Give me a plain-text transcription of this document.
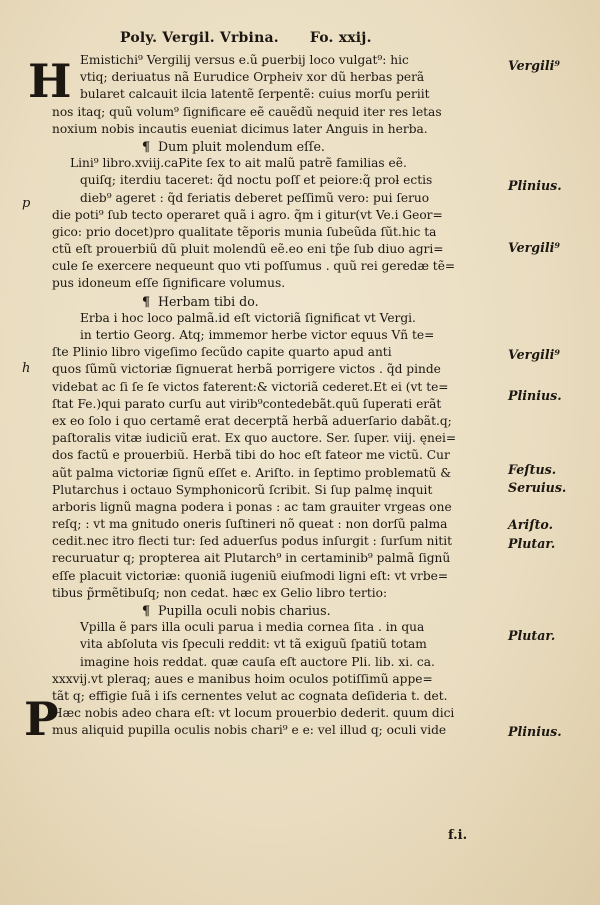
Poly. Vergil. Vrbina. Fo. xxij.
H
P
p
h
Emistichi⁹ Vergilij versus e.ũ ꝑuerbij loco vulgat⁹: hic
vtiq; deriuatus nã Eurudice Orpheiv xor dũ herbas perã
bularet calcauit ilcia latentẽ ſerpentẽ: cuius morſu periit
nos itaq; quũ volum⁹ ſignificare eẽ cauẽdũ nequid iter res letas
noxium nobis incautis eueniat dicimus later Anguis in herba.
¶ Dum pluit molendum eſſe.
Lini⁹ libro.xviij.caPite ſex to ait malũ patrẽ familias eẽ.
quiſq; iterdiu taceret: q̃d noctu poſſ et peiore:q̃ proƚ ectis
dieb⁹ ageret : q̃d feriatis deberet peſſimũ vero: pui ſeruo
die poti⁹ ſub tecto operaret quã i agro. q̃m i gitur(vt Ve.i Geor=
gico: prio docet)pro qualitate tẽporis munia ſubeũda ſũt.hic ta
ctũ eſt prouerbiũ dũ pluit molendũ eẽ.eo eni tp̃e ſub diuo agri=
cule ſe exercere nequeunt quo vti poſſumus . quũ rei geredæ tẽ=
pus idoneum eſſe ſignificare volumus.
¶ Herbam tibi do.
Erba i hoc loco palmã.id eſt victoriã ſignificat vt Vergi.
in tertio Georg. Atq; immemor herbe victor equus Vñ te=
ſte Plinio libro vigeſimo ſecũdo capite quarto apud anti
quos ſũmũ victoriæ ſignuerat herbã porrigere victos . q̃d pinde
videbat ac ſi ſe ſe victos faterent:& victoriã cederet.Et ei (vt te=
ſtat Fe.)qui parato curſu aut virib⁹contedebãt.quũ ſuperati erãt
ex eo ſolo i quo certamẽ erat decerptã herbã aduerſario dabãt.q;
paſtoralis vitæ iudiciũ erat. Ex quo auctore. Ser. ſuper. viij. ęnei=
dos factũ e prouerbiũ. Herbã tibi do hoc eſt fateor me victũ. Cur
aũt palma victoriæ ſignũ eſſet e. Ariſto. in ſeptimo problematũ &
Plutarchus i octauo Symphonicorũ ſcribit. Si ſup palmę inquit
arboris lignũ magna podera i ponas : ac tam grauiter vrgeas one
reſq; : vt ma gnitudo oneris ſuſtineri nõ queat : non dorſũ palma
cedit.nec itro flecti tur: ſed aduerſus podus inſurgit : ſurſum nitit
recuruatur q; propterea ait Plutarch⁹ in certaminib⁹ palmã ſignũ
eſſe placuit victoriæ: quoniã iugeniũ eiuſmodi ligni eſt: vt vrbe=
tibus p̃rmẽtibuſq; non cedat. hæc ex Gelio libro tertio:
¶ Pupilla oculi nobis charius.
Vpilla ẽ pars illa oculi parua i media cornea ſita . in qua
vita abſoluta vis ſpeculi reddit: vt tã exiguũ ſpatiũ totam
imagine hois reddat. quæ cauſa eſt auctore Pli. lib. xi. ca.
xxxvij.vt pleraq; aues e manibus hoim oculos potiſſimũ appe=
tãt q; effigie ſuã i iſs cernentes velut ac cognata deſideria t. det.
Hæc nobis adeo chara eſt: vt locum prouerbio dederit. quum dici
mus aliquid pupilla oculis nobis chari⁹ e e: vel illud q; oculi vide
Vergili⁹
Plinius.
Vergili⁹
Vergili⁹
Plinius.
Feſtus.
Seruius.
Ariſto.
Plutar.
Plutar.
Plinius.
f.i.
